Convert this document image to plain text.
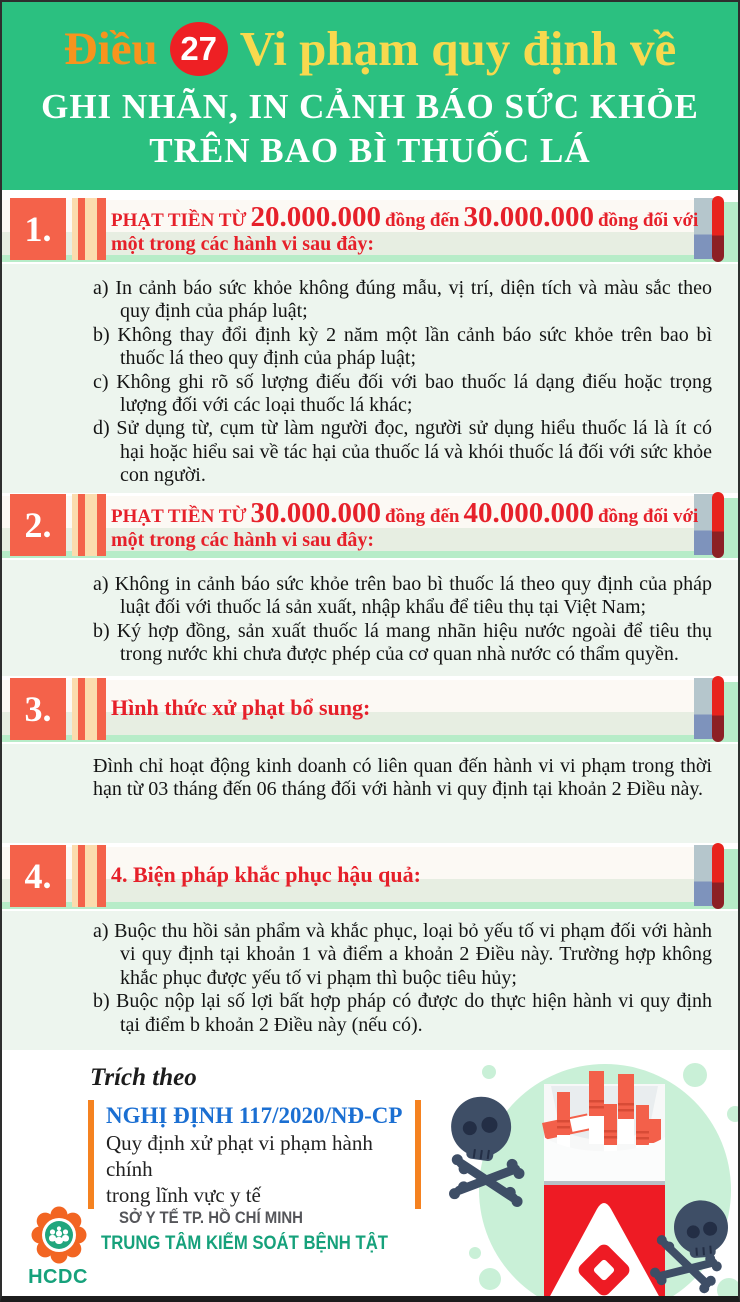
Điều 27 Vi phạm quy định về
GHI NHÃN, IN CẢNH BÁO SỨC KHỎE
TRÊN BAO BÌ THUỐC LÁ
1.	PHẠT TIỀN TỪ 20.000.000 đồng đến 30.000.000 đồng đối với
một trong các hành vi sau đây:

a) In cảnh báo sức khỏe không đúng mẫu, vị trí, diện tích và màu sắc theo quy định của pháp luật;

b) Không thay đổi định kỳ 2 năm một lần cảnh báo sức khỏe trên bao bì thuốc lá theo quy định của pháp luật;

c) Không ghi rõ số lượng điếu đối với bao thuốc lá dạng điếu hoặc trọng lượng đối với các loại thuốc lá khác;

d) Sử dụng từ, cụm từ làm người đọc, người sử dụng hiểu thuốc lá là ít có hại hoặc hiểu sai về tác hại của thuốc lá và khói thuốc lá đối với sức khỏe con người.

2.	PHẠT TIỀN TỪ 30.000.000 đồng đến 40.000.000 đồng đối với
một trong các hành vi sau đây:

a) Không in cảnh báo sức khỏe trên bao bì thuốc lá theo quy định của pháp luật đối với thuốc lá sản xuất, nhập khẩu để tiêu thụ tại Việt Nam;

b) Ký hợp đồng, sản xuất thuốc lá mang nhãn hiệu nước ngoài để tiêu thụ trong nước khi chưa được phép của cơ quan nhà nước có thẩm quyền.

3.	Hình thức xử phạt bổ sung:

Đình chỉ hoạt động kinh doanh có liên quan đến hành vi vi phạm trong thời hạn từ 03 tháng đến 06 tháng đối với hành vi quy định tại khoản 2 Điều này.

4.	4. Biện pháp khắc phục hậu quả:

a) Buộc thu hồi sản phẩm và khắc phục, loại bỏ yếu tố vi phạm đối với hành vi quy định tại khoản 1 và điểm a khoản 2 Điều này. Trường hợp không khắc phục được yếu tố vi phạm thì buộc tiêu hủy;

b) Buộc nộp lại số lợi bất hợp pháp có được do thực hiện hành vi quy định tại điểm b khoản 2 Điều này (nếu có).

Trích theo
NGHỊ ĐỊNH 117/2020/NĐ-CP
Quy định xử phạt vi phạm hành chính
trong lĩnh vực y tế
HCDC
SỞ Y TẾ TP. HỒ CHÍ MINH
TRUNG TÂM KIỂM SOÁT BỆNH TẬT
